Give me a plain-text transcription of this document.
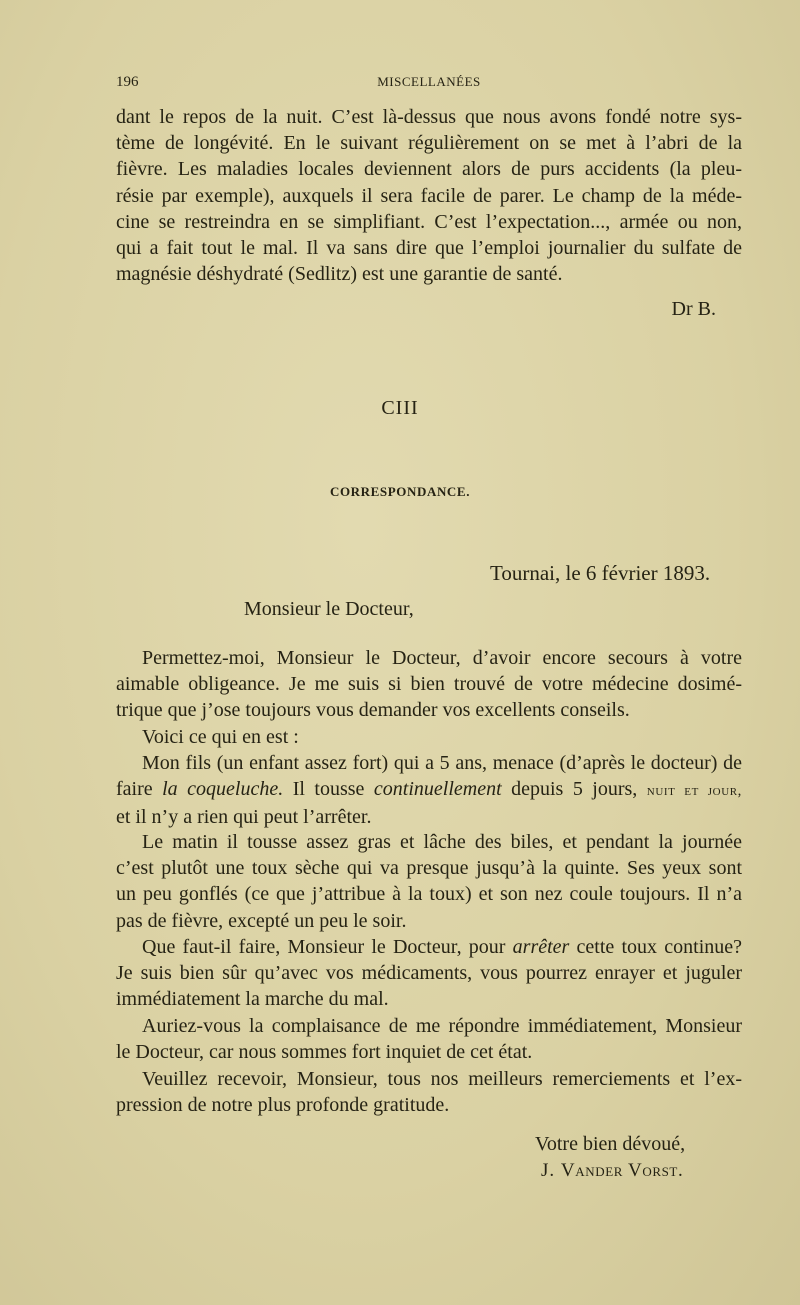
196	MISCELLANÉES

dant le repos de la nuit. C’est là-dessus que nous avons fondé notre sys-
tème de longévité. En le suivant régulièrement on se met à l’abri de la
fièvre. Les maladies locales deviennent alors de purs accidents (la pleu-
résie par exemple), auxquels il sera facile de parer. Le champ de la méde-
cine se restreindra en se simplifiant. C’est l’expectation..., armée ou non,
qui a fait tout le mal. Il va sans dire que l’emploi journalier du sulfate de
magnésie déshydraté (Sedlitz) est une garantie de santé.

Dr B.
CIII
CORRESPONDANCE.
Tournai, le 6 février 1893.
Monsieur le Docteur,

Permettez-moi, Monsieur le Docteur, d’avoir encore secours à votre
aimable obligeance. Je me suis si bien trouvé de votre médecine dosimé-
trique que j’ose toujours vous demander vos excellents conseils.

Voici ce qui en est :

Mon fils (un enfant assez fort) qui a 5 ans, menace (d’après le docteur) de
faire la coqueluche. Il tousse continuellement depuis 5 jours, nuit et jour,
et il n’y a rien qui peut l’arrêter.

Le matin il tousse assez gras et lâche des biles, et pendant la journée
c’est plutôt une toux sèche qui va presque jusqu’à la quinte. Ses yeux sont
un peu gonflés (ce que j’attribue à la toux) et son nez coule toujours. Il n’a
pas de fièvre, excepté un peu le soir.

Que faut-il faire, Monsieur le Docteur, pour arrêter cette toux continue?
Je suis bien sûr qu’avec vos médicaments, vous pourrez enrayer et juguler
immédiatement la marche du mal.

Auriez-vous la complaisance de me répondre immédiatement, Monsieur
le Docteur, car nous sommes fort inquiet de cet état.

Veuillez recevoir, Monsieur, tous nos meilleurs remerciements et l’ex-
pression de notre plus profonde gratitude.

Votre bien dévoué,
J. Vander Vorst.
